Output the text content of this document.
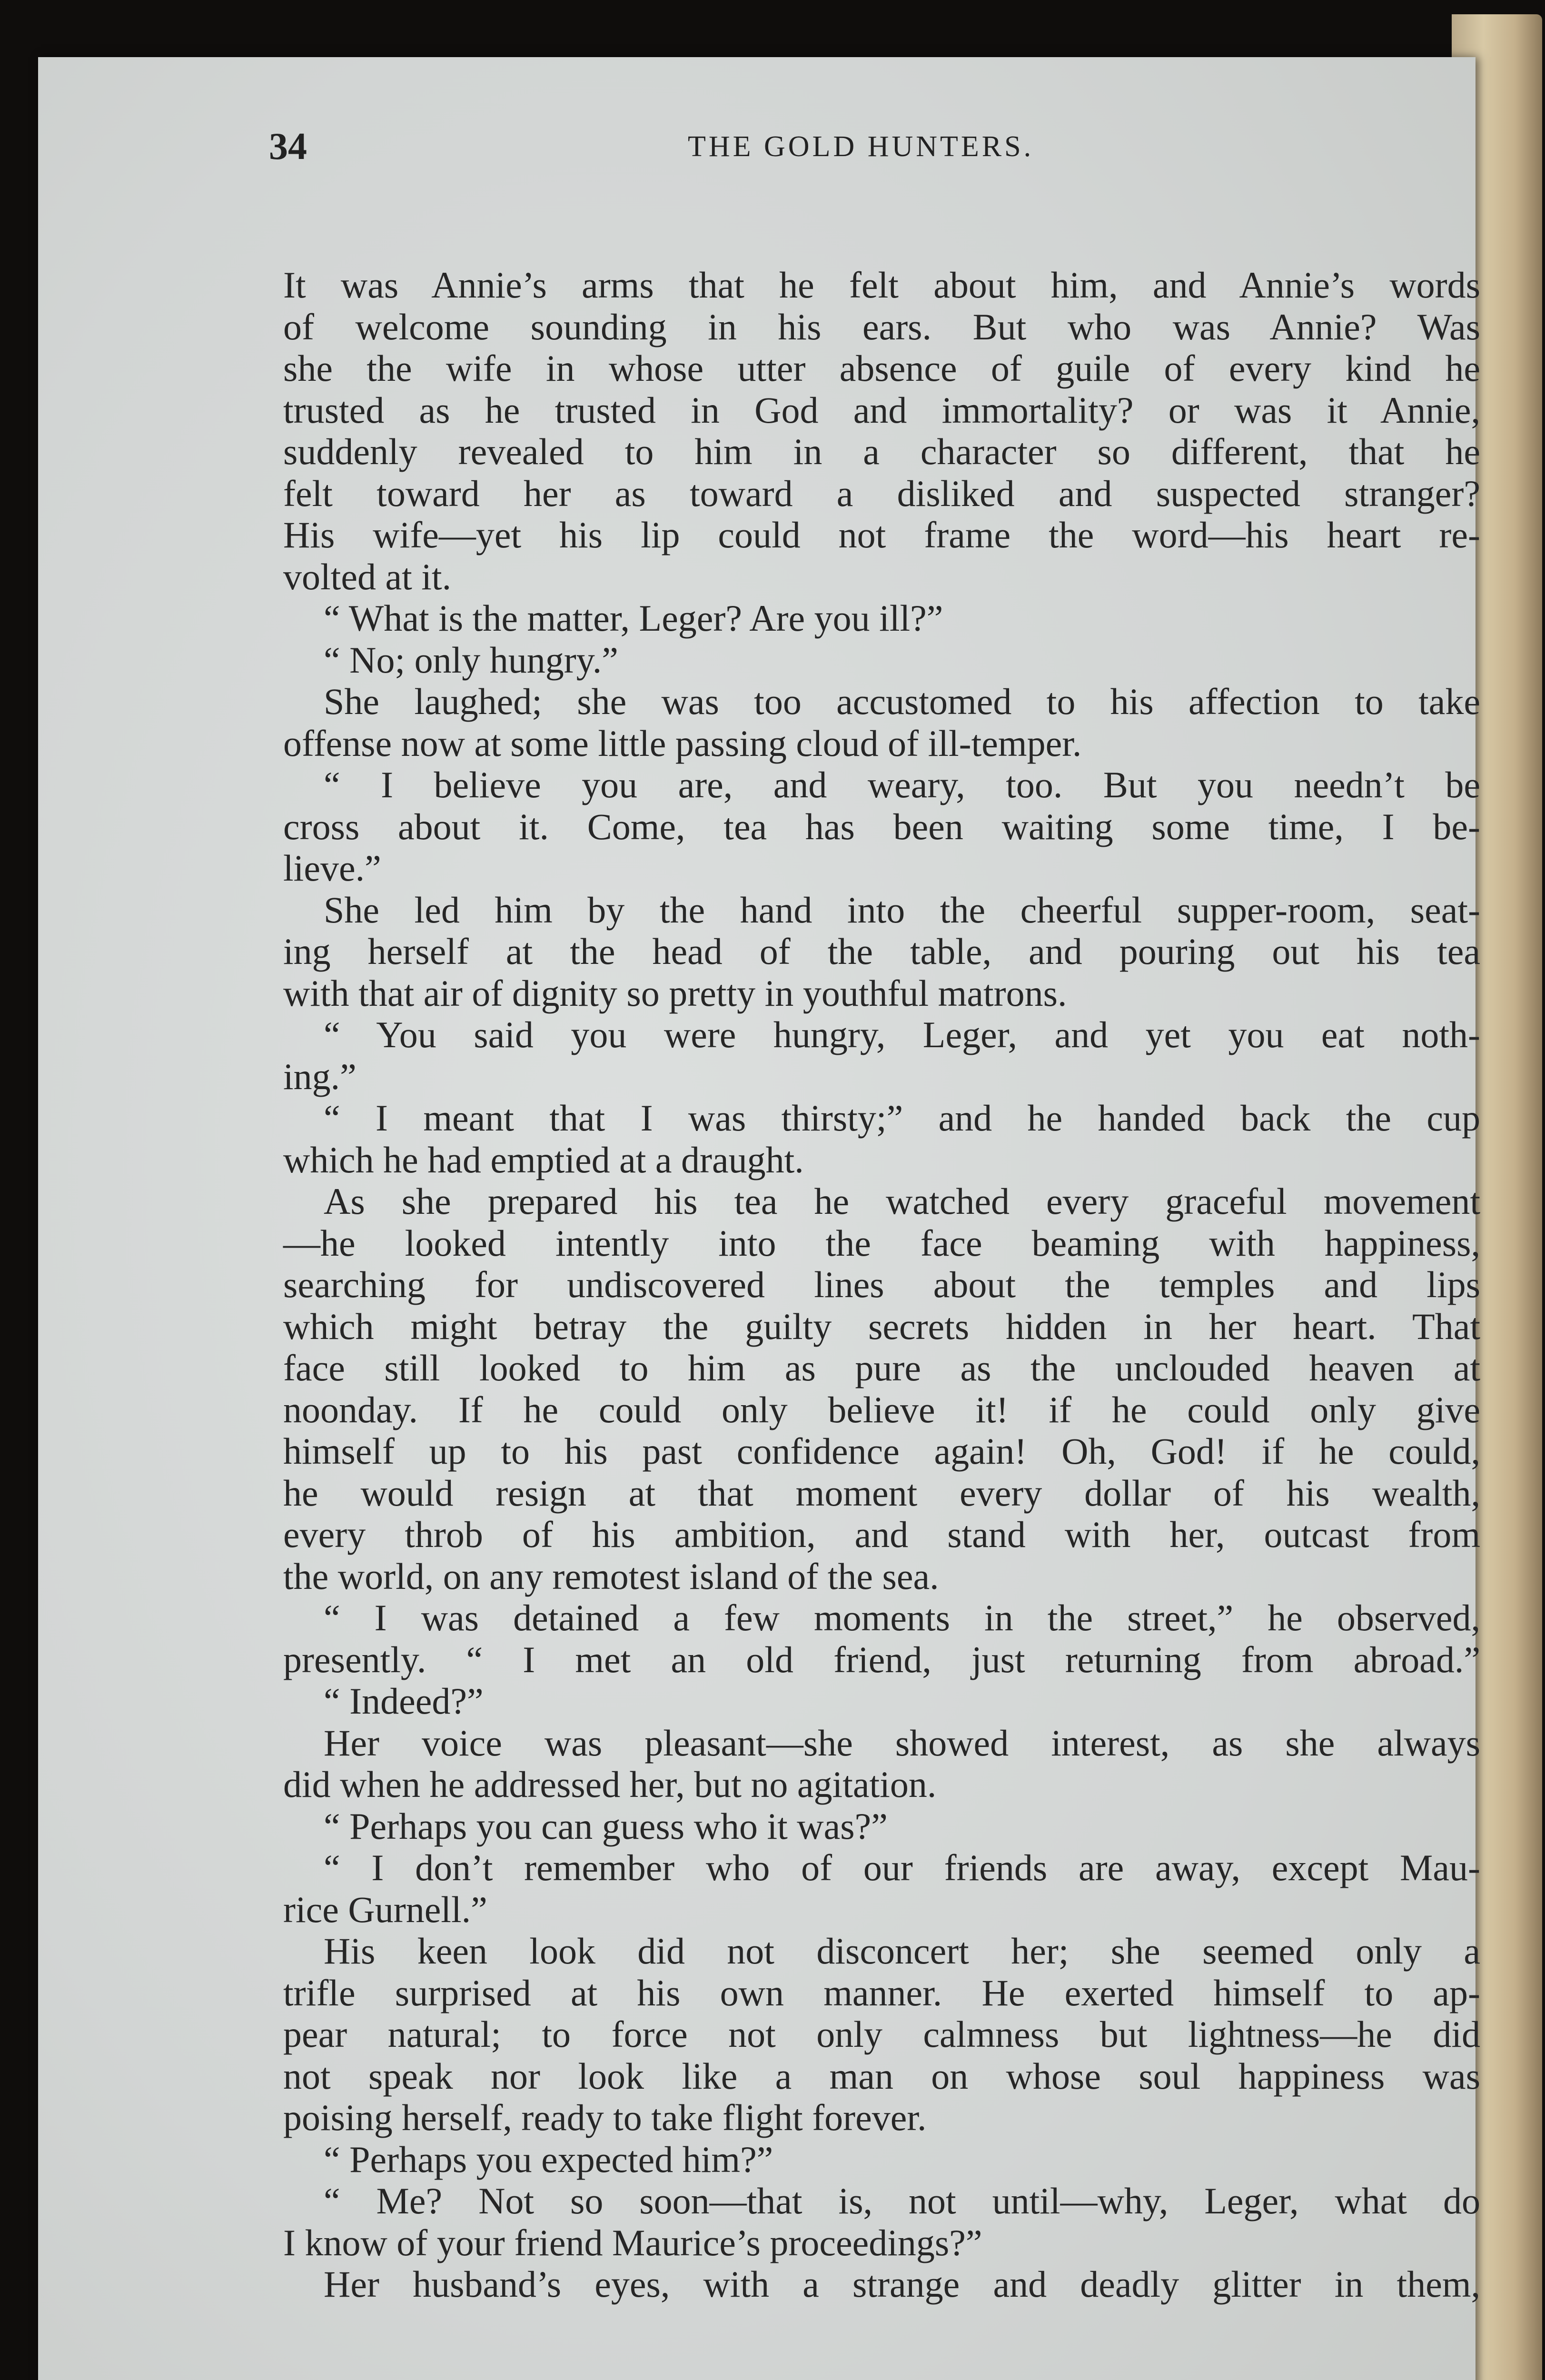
34	THE GOLD HUNTERS.
It was Annie’s arms that he felt about him, and Annie’s words
of welcome sounding in his ears. But who was Annie? Was
she the wife in whose utter absence of guile of every kind he
trusted as he trusted in God and immortality? or was it Annie,
suddenly revealed to him in a character so different, that he
felt toward her as toward a disliked and suspected stranger?
His wife—yet his lip could not frame the word—his heart re-
volted at it.
“ What is the matter, Leger? Are you ill?”
“ No; only hungry.”
She laughed; she was too accustomed to his affection to take
offense now at some little passing cloud of ill-temper.
“ I believe you are, and weary, too. But you needn’t be
cross about it. Come, tea has been waiting some time, I be-
lieve.”
She led him by the hand into the cheerful supper-room, seat-
ing herself at the head of the table, and pouring out his tea
with that air of dignity so pretty in youthful matrons.
“ You said you were hungry, Leger, and yet you eat noth-
ing.”
“ I meant that I was thirsty;” and he handed back the cup
which he had emptied at a draught.
As she prepared his tea he watched every graceful movement
—he looked intently into the face beaming with happiness,
searching for undiscovered lines about the temples and lips
which might betray the guilty secrets hidden in her heart. That
face still looked to him as pure as the unclouded heaven at
noonday. If he could only believe it! if he could only give
himself up to his past confidence again! Oh, God! if he could,
he would resign at that moment every dollar of his wealth,
every throb of his ambition, and stand with her, outcast from
the world, on any remotest island of the sea.
“ I was detained a few moments in the street,” he observed,
presently. “ I met an old friend, just returning from abroad.”
“ Indeed?”
Her voice was pleasant—she showed interest, as she always
did when he addressed her, but no agitation.
“ Perhaps you can guess who it was?”
“ I don’t remember who of our friends are away, except Mau-
rice Gurnell.”
His keen look did not disconcert her; she seemed only a
trifle surprised at his own manner. He exerted himself to ap-
pear natural; to force not only calmness but lightness—he did
not speak nor look like a man on whose soul happiness was
poising herself, ready to take flight forever.
“ Perhaps you expected him?”
“ Me? Not so soon—that is, not until—why, Leger, what do
I know of your friend Maurice’s proceedings?”
Her husband’s eyes, with a strange and deadly glitter in them,
